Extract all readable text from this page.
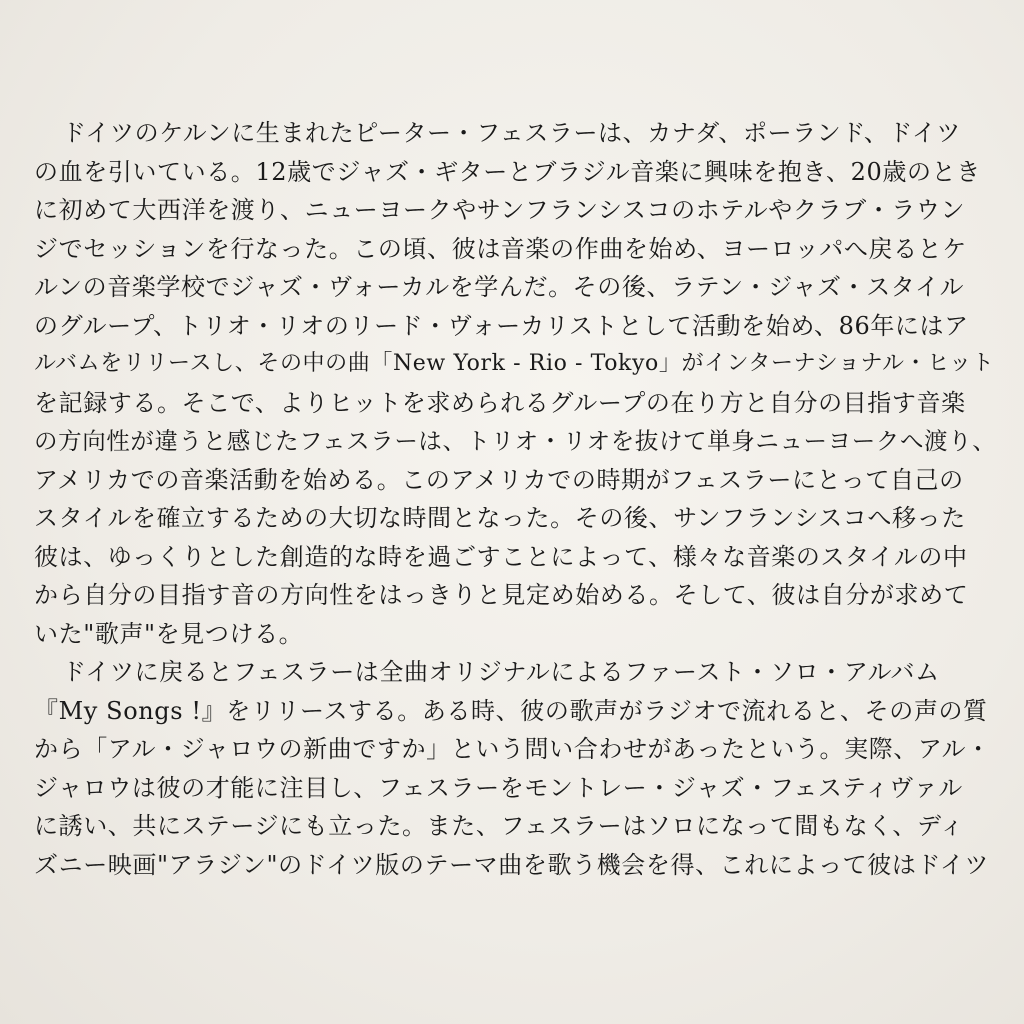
ドイツのケルンに生まれたピーター・フェスラーは、カナダ、ポーランド、ドイツ
の血を引いている。12歳でジャズ・ギターとブラジル音楽に興味を抱き、20歳のとき
に初めて大西洋を渡り、ニューヨークやサンフランシスコのホテルやクラブ・ラウン
ジでセッションを行なった。この頃、彼は音楽の作曲を始め、ヨーロッパへ戻るとケ
ルンの音楽学校でジャズ・ヴォーカルを学んだ。その後、ラテン・ジャズ・スタイル
のグループ、トリオ・リオのリード・ヴォーカリストとして活動を始め、86年にはア
ルバムをリリースし、その中の曲「New York - Rio - Tokyo」がインターナショナル・ヒット
を記録する。そこで、よりヒットを求められるグループの在り方と自分の目指す音楽
の方向性が違うと感じたフェスラーは、トリオ・リオを抜けて単身ニューヨークへ渡り、
アメリカでの音楽活動を始める。このアメリカでの時期がフェスラーにとって自己の
スタイルを確立するための大切な時間となった。その後、サンフランシスコへ移った
彼は、ゆっくりとした創造的な時を過ごすことによって、様々な音楽のスタイルの中
から自分の目指す音の方向性をはっきりと見定め始める。そして、彼は自分が求めて
いた"歌声"を見つける。
ドイツに戻るとフェスラーは全曲オリジナルによるファースト・ソロ・アルバム
『My Songs !』をリリースする。ある時、彼の歌声がラジオで流れると、その声の質
から「アル・ジャロウの新曲ですか」という問い合わせがあったという。実際、アル・
ジャロウは彼の才能に注目し、フェスラーをモントレー・ジャズ・フェスティヴァル
に誘い、共にステージにも立った。また、フェスラーはソロになって間もなく、ディ
ズニー映画"アラジン"のドイツ版のテーマ曲を歌う機会を得、これによって彼はドイツ
